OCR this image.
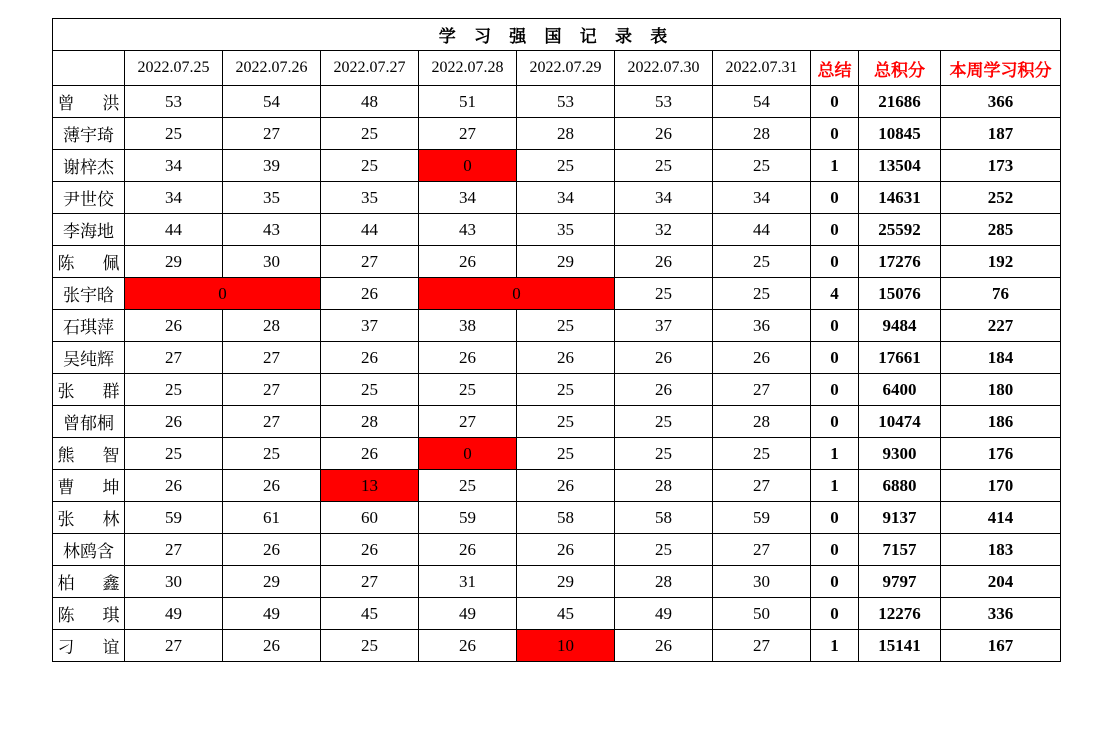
学 习 强 国 记 录 表										
	2022.07.25	2022.07.26	2022.07.27	2022.07.28	2022.07.29	2022.07.30	2022.07.31	总结	总积分	本周学习积分
曾洪	53	54	48	51	53	53	54	0	21686	366
薄宇琦	25	27	25	27	28	26	28	0	10845	187
谢梓杰	34	39	25	0	25	25	25	1	13504	173
尹世佼	34	35	35	34	34	34	34	0	14631	252
李海地	44	43	44	43	35	32	44	0	25592	285
陈佩	29	30	27	26	29	26	25	0	17276	192
张宇晗	0		26	0		25	25	4	15076	76
石琪萍	26	28	37	38	25	37	36	0	9484	227
吴纯辉	27	27	26	26	26	26	26	0	17661	184
张群	25	27	25	25	25	26	27	0	6400	180
曾郁桐	26	27	28	27	25	25	28	0	10474	186
熊智	25	25	26	0	25	25	25	1	9300	176
曹坤	26	26	13	25	26	28	27	1	6880	170
张林	59	61	60	59	58	58	59	0	9137	414
林鸥含	27	26	26	26	26	25	27	0	7157	183
柏鑫	30	29	27	31	29	28	30	0	9797	204
陈琪	49	49	45	49	45	49	50	0	12276	336
刁谊	27	26	25	26	10	26	27	1	15141	167
